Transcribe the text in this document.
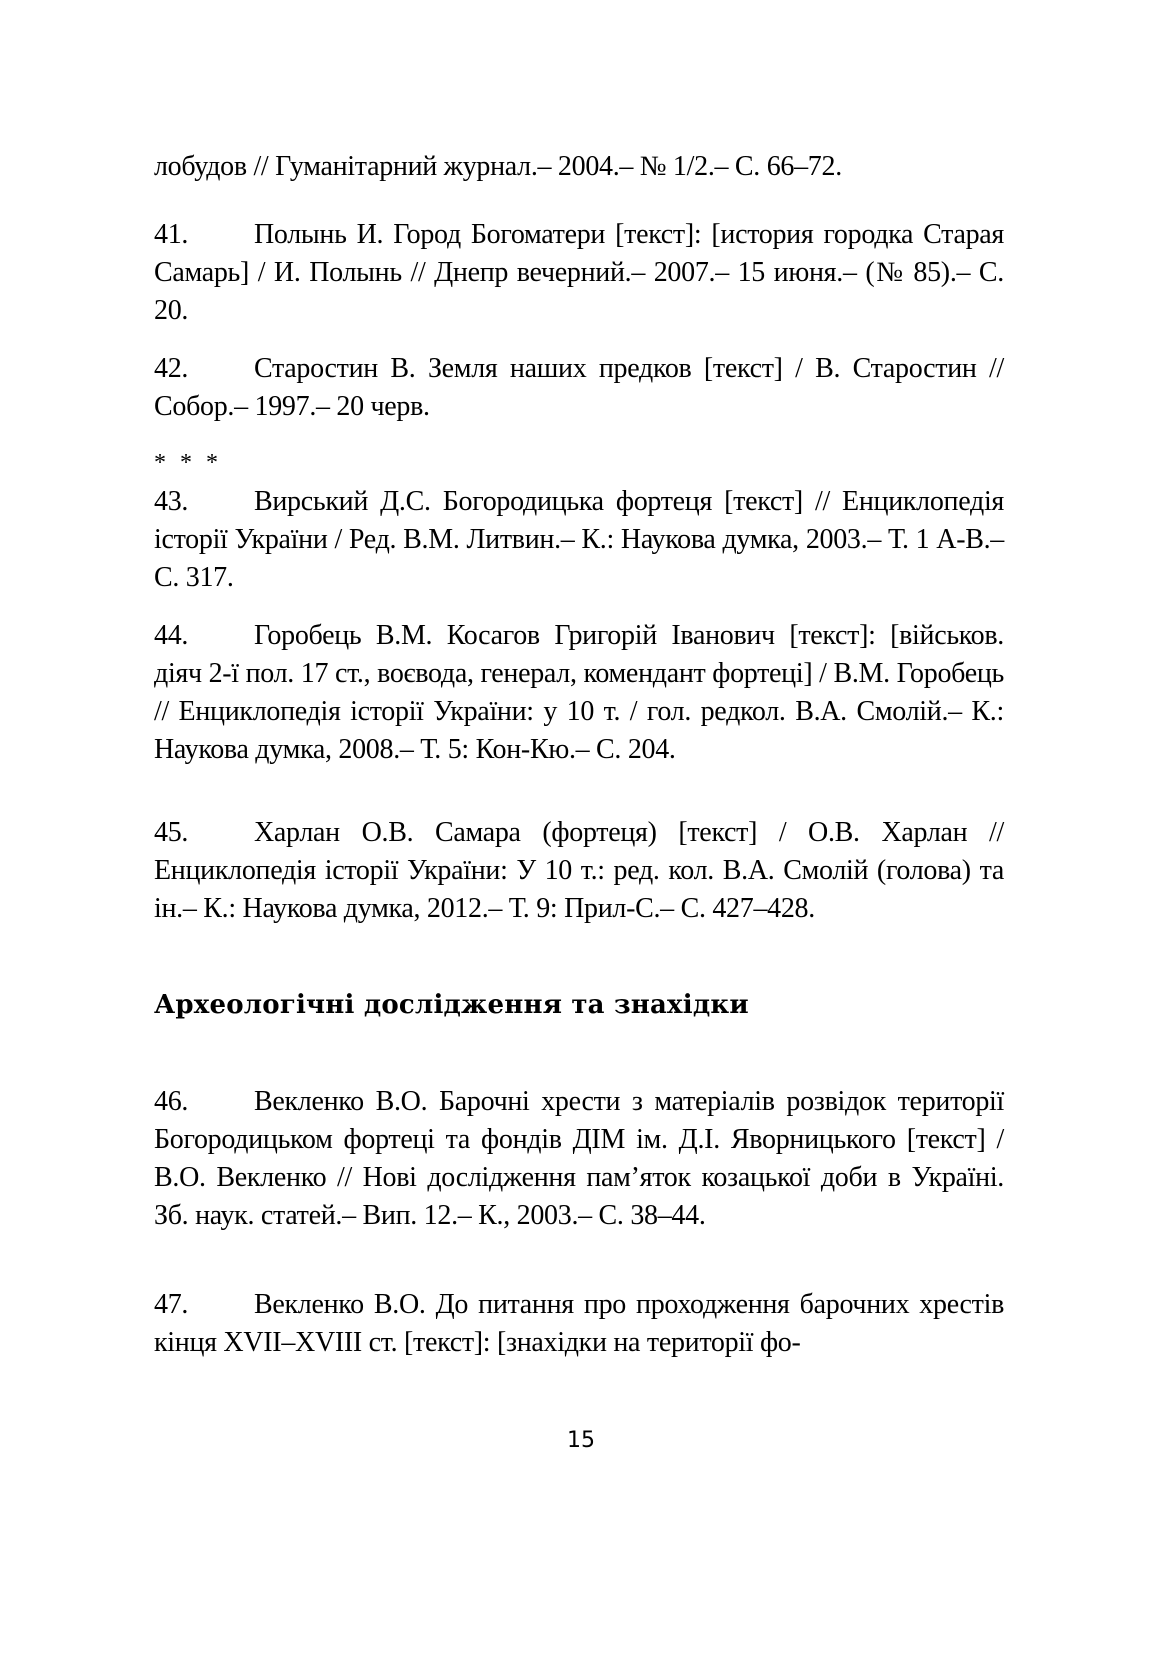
лобудов // Гуманітарний журнал.– 2004.– № 1/2.– С. 66–72.
41. Полынь И. Город Богоматери [текст]: [история городка Старая Самарь] / И. Полынь // Днепр вечерний.– 2007.– 15 июня.– (№ 85).– С. 20.
42. Старостин В. Земля наших предков [текст] / В. Старостин // Собор.– 1997.– 20 черв.
* * *
43. Вирський Д.С. Богородицька фортеця [текст] // Енциклопедія історії України / Ред. В.М. Литвин.– К.: Наукова думка, 2003.– Т. 1 А-В.– С. 317.
44. Горобець В.М. Косагов Григорій Іванович [текст]: [військов. діяч 2-ї пол. 17 ст., воєвода, генерал, комендант фортеці] / В.М. Горобець // Енциклопедія історії України: у 10 т. / гол. редкол. В.А. Смолій.– К.: Наукова думка, 2008.– Т. 5: Кон-Кю.– С. 204.
45. Харлан О.В. Самара (фортеця) [текст] / О.В. Харлан // Енциклопедія історії України: У 10 т.: ред. кол. В.А. Смолій (голова) та ін.– К.: Наукова думка, 2012.– Т. 9: Прил-С.– С. 427–428.
Археологічні дослідження та знахідки
46. Векленко В.О. Барочні хрести з матеріалів розвідок території Богородицьком фортеці та фондів ДІМ ім. Д.І. Яворницького [текст] / В.О. Векленко // Нові дослідження пам’яток козацької доби в Україні. Зб. наук. статей.– Вип. 12.– К., 2003.– С. 38–44.
47. Векленко В.О. До питання про проходження барочних хрестів кінця XVII–XVIII ст. [текст]: [знахідки на території фо-
15
